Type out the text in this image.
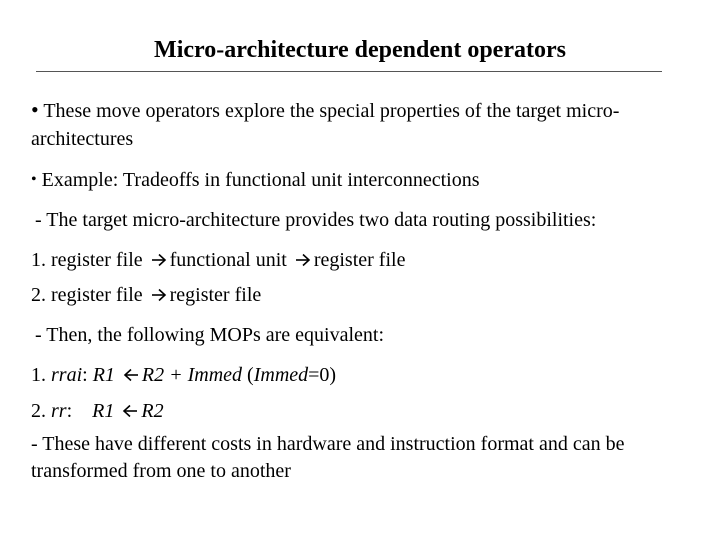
Micro-architecture dependent operators
• These move operators explore the special properties of the target micro-
architectures
• Example: Tradeoffs in functional unit interconnections
- The target micro-architecture provides two data routing possibilities:
1. register file functional unit register file
2. register file register file
- Then, the following MOPs are equivalent:
1. rrai: R1 R2 + Immed (Immed=0)
2. rr: R1 R2
- These have different costs in hardware and instruction format and can be
transformed from one to another
